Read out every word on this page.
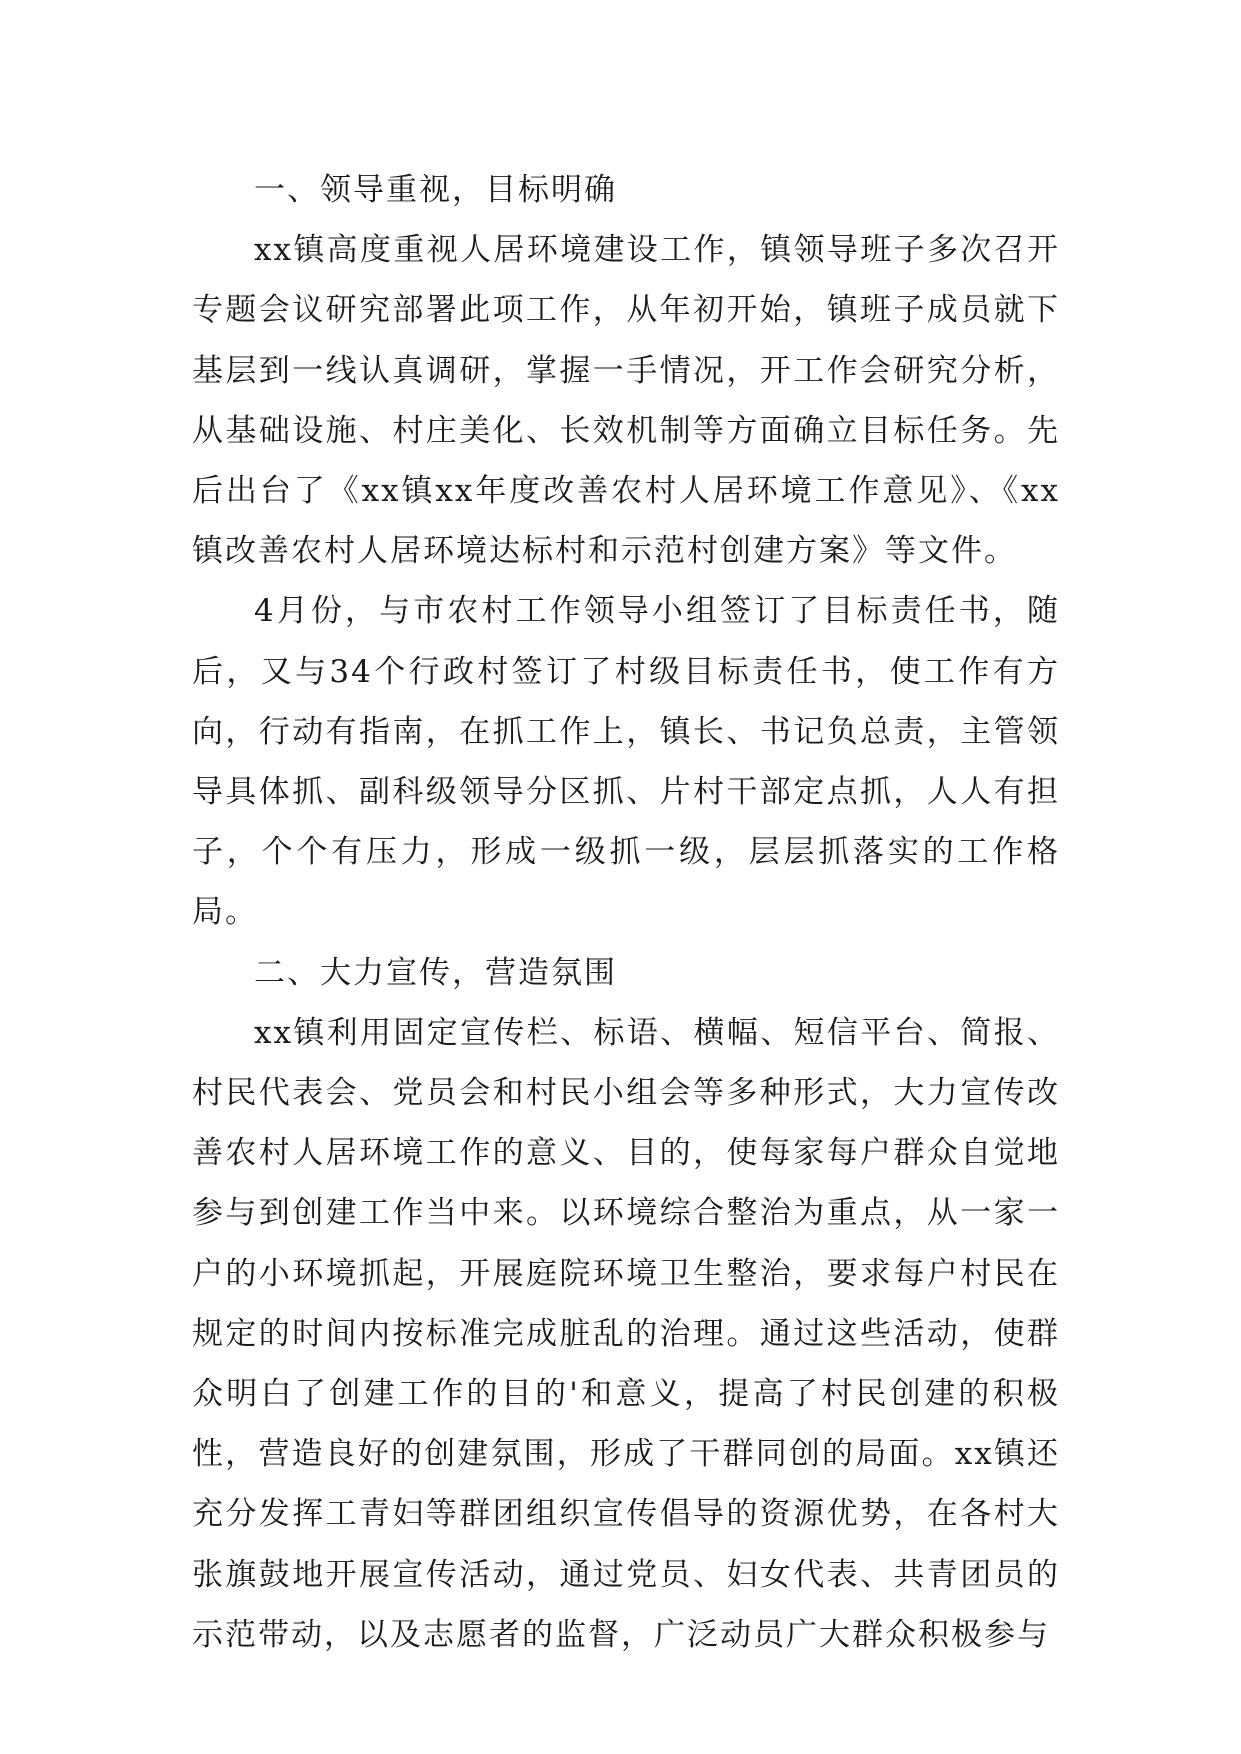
一、领导重视，目标明确

xx镇高度重视人居环境建设工作，镇领导班子多次召开专题会议研究部署此项工作，从年初开始，镇班子成员就下基层到一线认真调研，掌握一手情况，开工作会研究分析，从基础设施、村庄美化、长效机制等方面确立目标任务。先后出台了《xx镇xx年度改善农村人居环境工作意见》、《xx镇改善农村人居环境达标村和示范村创建方案》等文件。

4月份，与市农村工作领导小组签订了目标责任书，随后，又与34个行政村签订了村级目标责任书，使工作有方向，行动有指南，在抓工作上，镇长、书记负总责，主管领导具体抓、副科级领导分区抓、片村干部定点抓，人人有担子，个个有压力，形成一级抓一级，层层抓落实的工作格局。

二、大力宣传，营造氛围

xx镇利用固定宣传栏、标语、横幅、短信平台、简报、村民代表会、党员会和村民小组会等多种形式，大力宣传改善农村人居环境工作的意义、目的，使每家每户群众自觉地参与到创建工作当中来。以环境综合整治为重点，从一家一户的小环境抓起，开展庭院环境卫生整治，要求每户村民在规定的时间内按标准完成脏乱的治理。通过这些活动，使群众明白了创建工作的目的'和意义，提高了村民创建的积极性，营造良好的创建氛围，形成了干群同创的局面。xx镇还充分发挥工青妇等群团组织宣传倡导的资源优势，在各村大张旗鼓地开展宣传活动，通过党员、妇女代表、共青团员的示范带动，以及志愿者的监督，广泛动员广大群众积极参与
